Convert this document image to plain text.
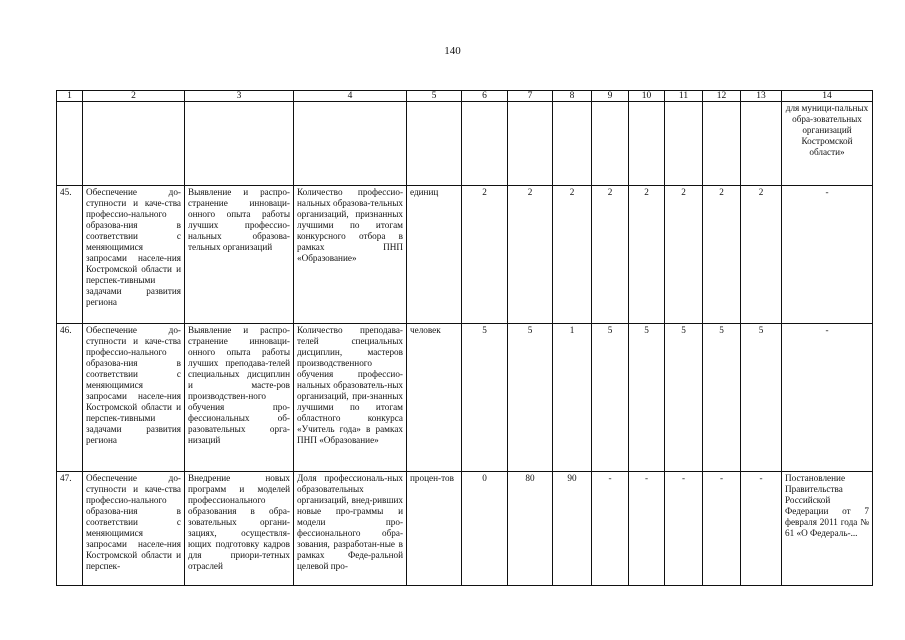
140
1	2	3	4	5	6	7	8	9	10	11	12	13	14
													для муници-пальных обра-зовательных организаций Костромской области»
45.	Обеспечение до-ступности и каче-ства профессио-нального образова-ния в соответствии с меняющимися запросами населе-ния Костромской области и перспек-тивными задачами развития региона	Выявление и распро-странение инноваци-онного опыта работы лучших профессио-нальных образова-тельных организаций	Количество профессио-нальных образова-тельных организаций, признанных лучшими по итогам конкурсного отбора в рамках ПНП «Образование»	единиц	2	2	2	2	2	2	2	2	-
46.	Обеспечение до-ступности и каче-ства профессио-нального образова-ния в соответствии с меняющимися запросами населе-ния Костромской области и перспек-тивными задачами развития региона	Выявление и распро-странение инноваци-онного опыта работы лучших преподава-телей специальных дисциплин и масте-ров производствен-ного обучения про-фессиональных об-разовательных орга-низаций	Количество преподава-телей специальных дисциплин, мастеров производственного обучения профессио-нальных образователь-ных организаций, при-знанных лучшими по итогам областного конкурса «Учитель года» в рамках ПНП «Образование»	человек	5	5	1	5	5	5	5	5	-
47.	Обеспечение до-ступности и каче-ства профессио-нального образова-ния в соответствии с меняющимися запросами населе-ния Костромской области и перспек-	Внедрение новых программ и моделей профессионального образования в обра-зовательных органи-зациях, осуществля-ющих подготовку кадров для приори-тетных отраслей	Доля профессиональ-ных образовательных организаций, внед-ривших новые про-граммы и модели про-фессионального обра-зования, разработан-ные в рамках Феде-ральной целевой про-	процен-тов	0	80	90	-	-	-	-	-	Постановление Правительства Российской Федерации от 7 февраля 2011 года № 61 «О Федераль-...
